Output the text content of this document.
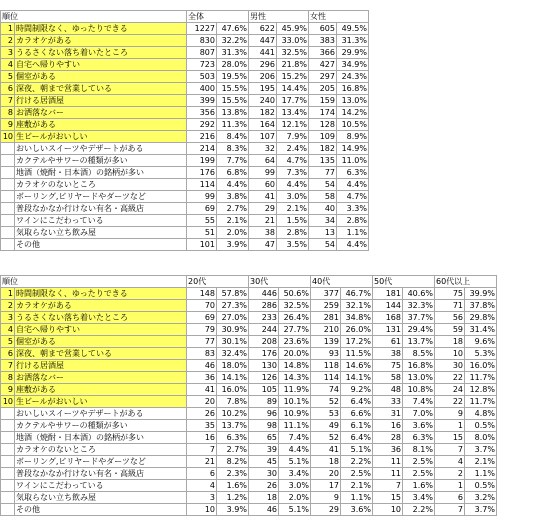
順位		全体		男性		女性	
1	時間制限なく、ゆったりできる	1227	47.6%	622	45.9%	605	49.5%
2	カラオケがある	830	32.2%	447	33.0%	383	31.3%
3	うるさくない落ち着いたところ	807	31.3%	441	32.5%	366	29.9%
4	自宅へ帰りやすい	723	28.0%	296	21.8%	427	34.9%
5	個室がある	503	19.5%	206	15.2%	297	24.3%
6	深夜、朝まで営業している	400	15.5%	195	14.4%	205	16.8%
7	行ける居酒屋	399	15.5%	240	17.7%	159	13.0%
8	お洒落なバー	356	13.8%	182	13.4%	174	14.2%
9	座敷がある	292	11.3%	164	12.1%	128	10.5%
10	生ビールがおいしい	216	8.4%	107	7.9%	109	8.9%
	おいしいスイーツやデザートがある	214	8.3%	32	2.4%	182	14.9%
	カクテルやサワーの種類が多い	199	7.7%	64	4.7%	135	11.0%
	地酒（焼酎・日本酒）の銘柄が多い	176	6.8%	99	7.3%	77	6.3%
	カラオケのないところ	114	4.4%	60	4.4%	54	4.4%
	ボーリング,ビリヤードやダーツなど	99	3.8%	41	3.0%	58	4.7%
	普段なかなか行けない有名・高級店	69	2.7%	29	2.1%	40	3.3%
	ワインにこだわっている	55	2.1%	21	1.5%	34	2.8%
	気取らない立ち飲み屋	51	2.0%	38	2.8%	13	1.1%
	その他	101	3.9%	47	3.5%	54	4.4%
順位		20代		30代		40代		50代		60代以上	
1	時間制限なく、ゆったりできる	148	57.8%	446	50.6%	377	46.7%	181	40.6%	75	39.9%
2	カラオケがある	70	27.3%	286	32.5%	259	32.1%	144	32.3%	71	37.8%
3	うるさくない落ち着いたところ	69	27.0%	233	26.4%	281	34.8%	168	37.7%	56	29.8%
4	自宅へ帰りやすい	79	30.9%	244	27.7%	210	26.0%	131	29.4%	59	31.4%
5	個室がある	77	30.1%	208	23.6%	139	17.2%	61	13.7%	18	9.6%
6	深夜、朝まで営業している	83	32.4%	176	20.0%	93	11.5%	38	8.5%	10	5.3%
7	行ける居酒屋	46	18.0%	130	14.8%	118	14.6%	75	16.8%	30	16.0%
8	お洒落なバー	36	14.1%	126	14.3%	114	14.1%	58	13.0%	22	11.7%
9	座敷がある	41	16.0%	105	11.9%	74	9.2%	48	10.8%	24	12.8%
10	生ビールがおいしい	20	7.8%	89	10.1%	52	6.4%	33	7.4%	22	11.7%
	おいしいスイーツやデザートがある	26	10.2%	96	10.9%	53	6.6%	31	7.0%	9	4.8%
	カクテルやサワーの種類が多い	35	13.7%	98	11.1%	49	6.1%	16	3.6%	1	0.5%
	地酒（焼酎・日本酒）の銘柄が多い	16	6.3%	65	7.4%	52	6.4%	28	6.3%	15	8.0%
	カラオケのないところ	7	2.7%	39	4.4%	41	5.1%	36	8.1%	7	3.7%
	ボーリング,ビリヤードやダーツなど	21	8.2%	45	5.1%	18	2.2%	11	2.5%	4	2.1%
	普段なかなか行けない有名・高級店	6	2.3%	30	3.4%	20	2.5%	11	2.5%	2	1.1%
	ワインにこだわっている	4	1.6%	26	3.0%	17	2.1%	7	1.6%	1	0.5%
	気取らない立ち飲み屋	3	1.2%	18	2.0%	9	1.1%	15	3.4%	6	3.2%
	その他	10	3.9%	46	5.1%	29	3.6%	10	2.2%	7	3.7%
